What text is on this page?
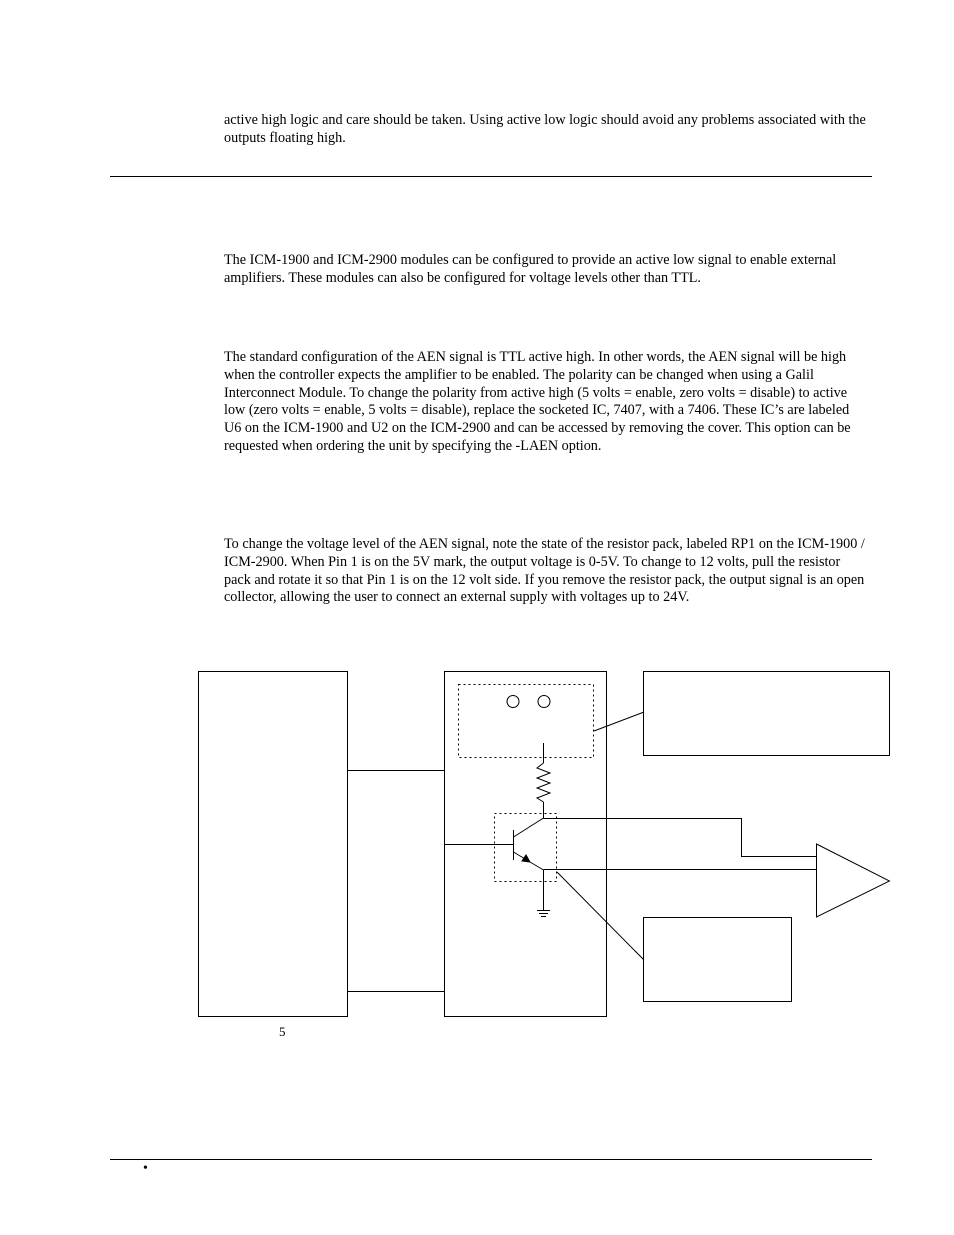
active high logic and care should be taken. Using active low logic should avoid any problems associated with the outputs floating high.

The ICM-1900 and ICM-2900 modules can be configured to provide an active low signal to enable external amplifiers. These modules can also be configured for voltage levels other than TTL.

The standard configuration of the AEN signal is TTL active high. In other words, the AEN signal will be high when the controller expects the amplifier to be enabled. The polarity can be changed when using a Galil Interconnect Module. To change the polarity from active high (5 volts = enable, zero volts = disable) to active low (zero volts = enable, 5 volts = disable), replace the socketed IC, 7407, with a 7406. These IC’s are labeled U6 on the ICM-1900 and U2 on the ICM-2900 and can be accessed by removing the cover. This option can be requested when ordering the unit by specifying the -LAEN option.

To change the voltage level of the AEN signal, note the state of the resistor pack, labeled RP1 on the ICM-1900 / ICM-2900. When Pin 1 is on the 5V mark, the output voltage is 0-5V. To change to 12 volts, pull the resistor pack and rotate it so that Pin 1 is on the 12 volt side. If you remove the resistor pack, the output signal is an open collector, allowing the user to connect an external supply with voltages up to 24V.

5
•
